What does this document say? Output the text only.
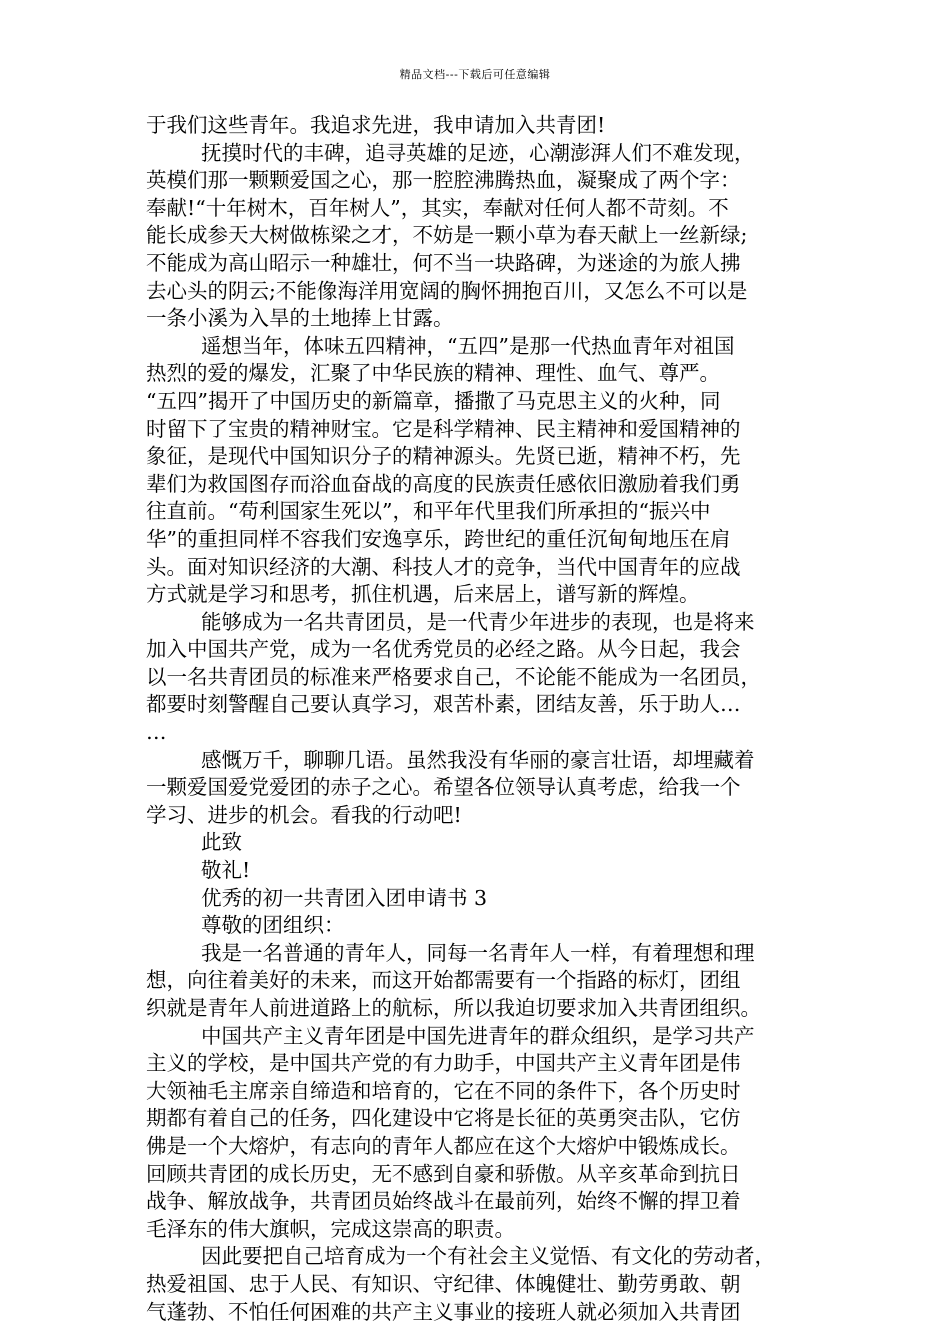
精品文档---下载后可任意编辑
于我们这些青年。我追求先进，我申请加入共青团!
抚摸时代的丰碑，追寻英雄的足迹，心潮澎湃人们不难发现，
英模们那一颗颗爱国之心，那一腔腔沸腾热血，凝聚成了两个字：
奉献!“十年树木，百年树人”，其实，奉献对任何人都不苛刻。不
能长成参天大树做栋梁之才，不妨是一颗小草为春天献上一丝新绿;
不能成为高山昭示一种雄壮，何不当一块路碑，为迷途的为旅人拂
去心头的阴云;不能像海洋用宽阔的胸怀拥抱百川，又怎么不可以是
一条小溪为入旱的土地捧上甘露。
遥想当年，体味五四精神，“五四”是那一代热血青年对祖国
热烈的爱的爆发，汇聚了中华民族的精神、理性、血气、尊严。
“五四”揭开了中国历史的新篇章，播撒了马克思主义的火种，同
时留下了宝贵的精神财宝。它是科学精神、民主精神和爱国精神的
象征，是现代中国知识分子的精神源头。先贤已逝，精神不朽，先
辈们为救国图存而浴血奋战的高度的民族责任感依旧激励着我们勇
往直前。“苟利国家生死以”，和平年代里我们所承担的“振兴中
华”的重担同样不容我们安逸享乐，跨世纪的重任沉甸甸地压在肩
头。面对知识经济的大潮、科技人才的竞争，当代中国青年的应战
方式就是学习和思考，抓住机遇，后来居上，谱写新的辉煌。
能够成为一名共青团员，是一代青少年进步的表现，也是将来
加入中国共产党，成为一名优秀党员的必经之路。从今日起，我会
以一名共青团员的标准来严格要求自己，不论能不能成为一名团员，
都要时刻警醒自己要认真学习，艰苦朴素，团结友善，乐于助人…
…
感慨万千，聊聊几语。虽然我没有华丽的豪言壮语，却埋藏着
一颗爱国爱党爱团的赤子之心。希望各位领导认真考虑，给我一个
学习、进步的机会。看我的行动吧!
此致
敬礼!
优秀的初一共青团入团申请书 3
尊敬的团组织：
我是一名普通的青年人，同每一名青年人一样，有着理想和理
想，向往着美好的未来，而这开始都需要有一个指路的标灯，团组
织就是青年人前进道路上的航标，所以我迫切要求加入共青团组织。
中国共产主义青年团是中国先进青年的群众组织，是学习共产
主义的学校，是中国共产党的有力助手，中国共产主义青年团是伟
大领袖毛主席亲自缔造和培育的，它在不同的条件下，各个历史时
期都有着自己的任务，四化建设中它将是长征的英勇突击队，它仿
佛是一个大熔炉，有志向的青年人都应在这个大熔炉中锻炼成长。
回顾共青团的成长历史，无不感到自豪和骄傲。从辛亥革命到抗日
战争、解放战争，共青团员始终战斗在最前列，始终不懈的捍卫着
毛泽东的伟大旗帜，完成这崇高的职责。
因此要把自己培育成为一个有社会主义觉悟、有文化的劳动者，
热爱祖国、忠于人民、有知识、守纪律、体魄健壮、勤劳勇敢、朝
气蓬勃、不怕任何困难的共产主义事业的接班人就必须加入共青团
